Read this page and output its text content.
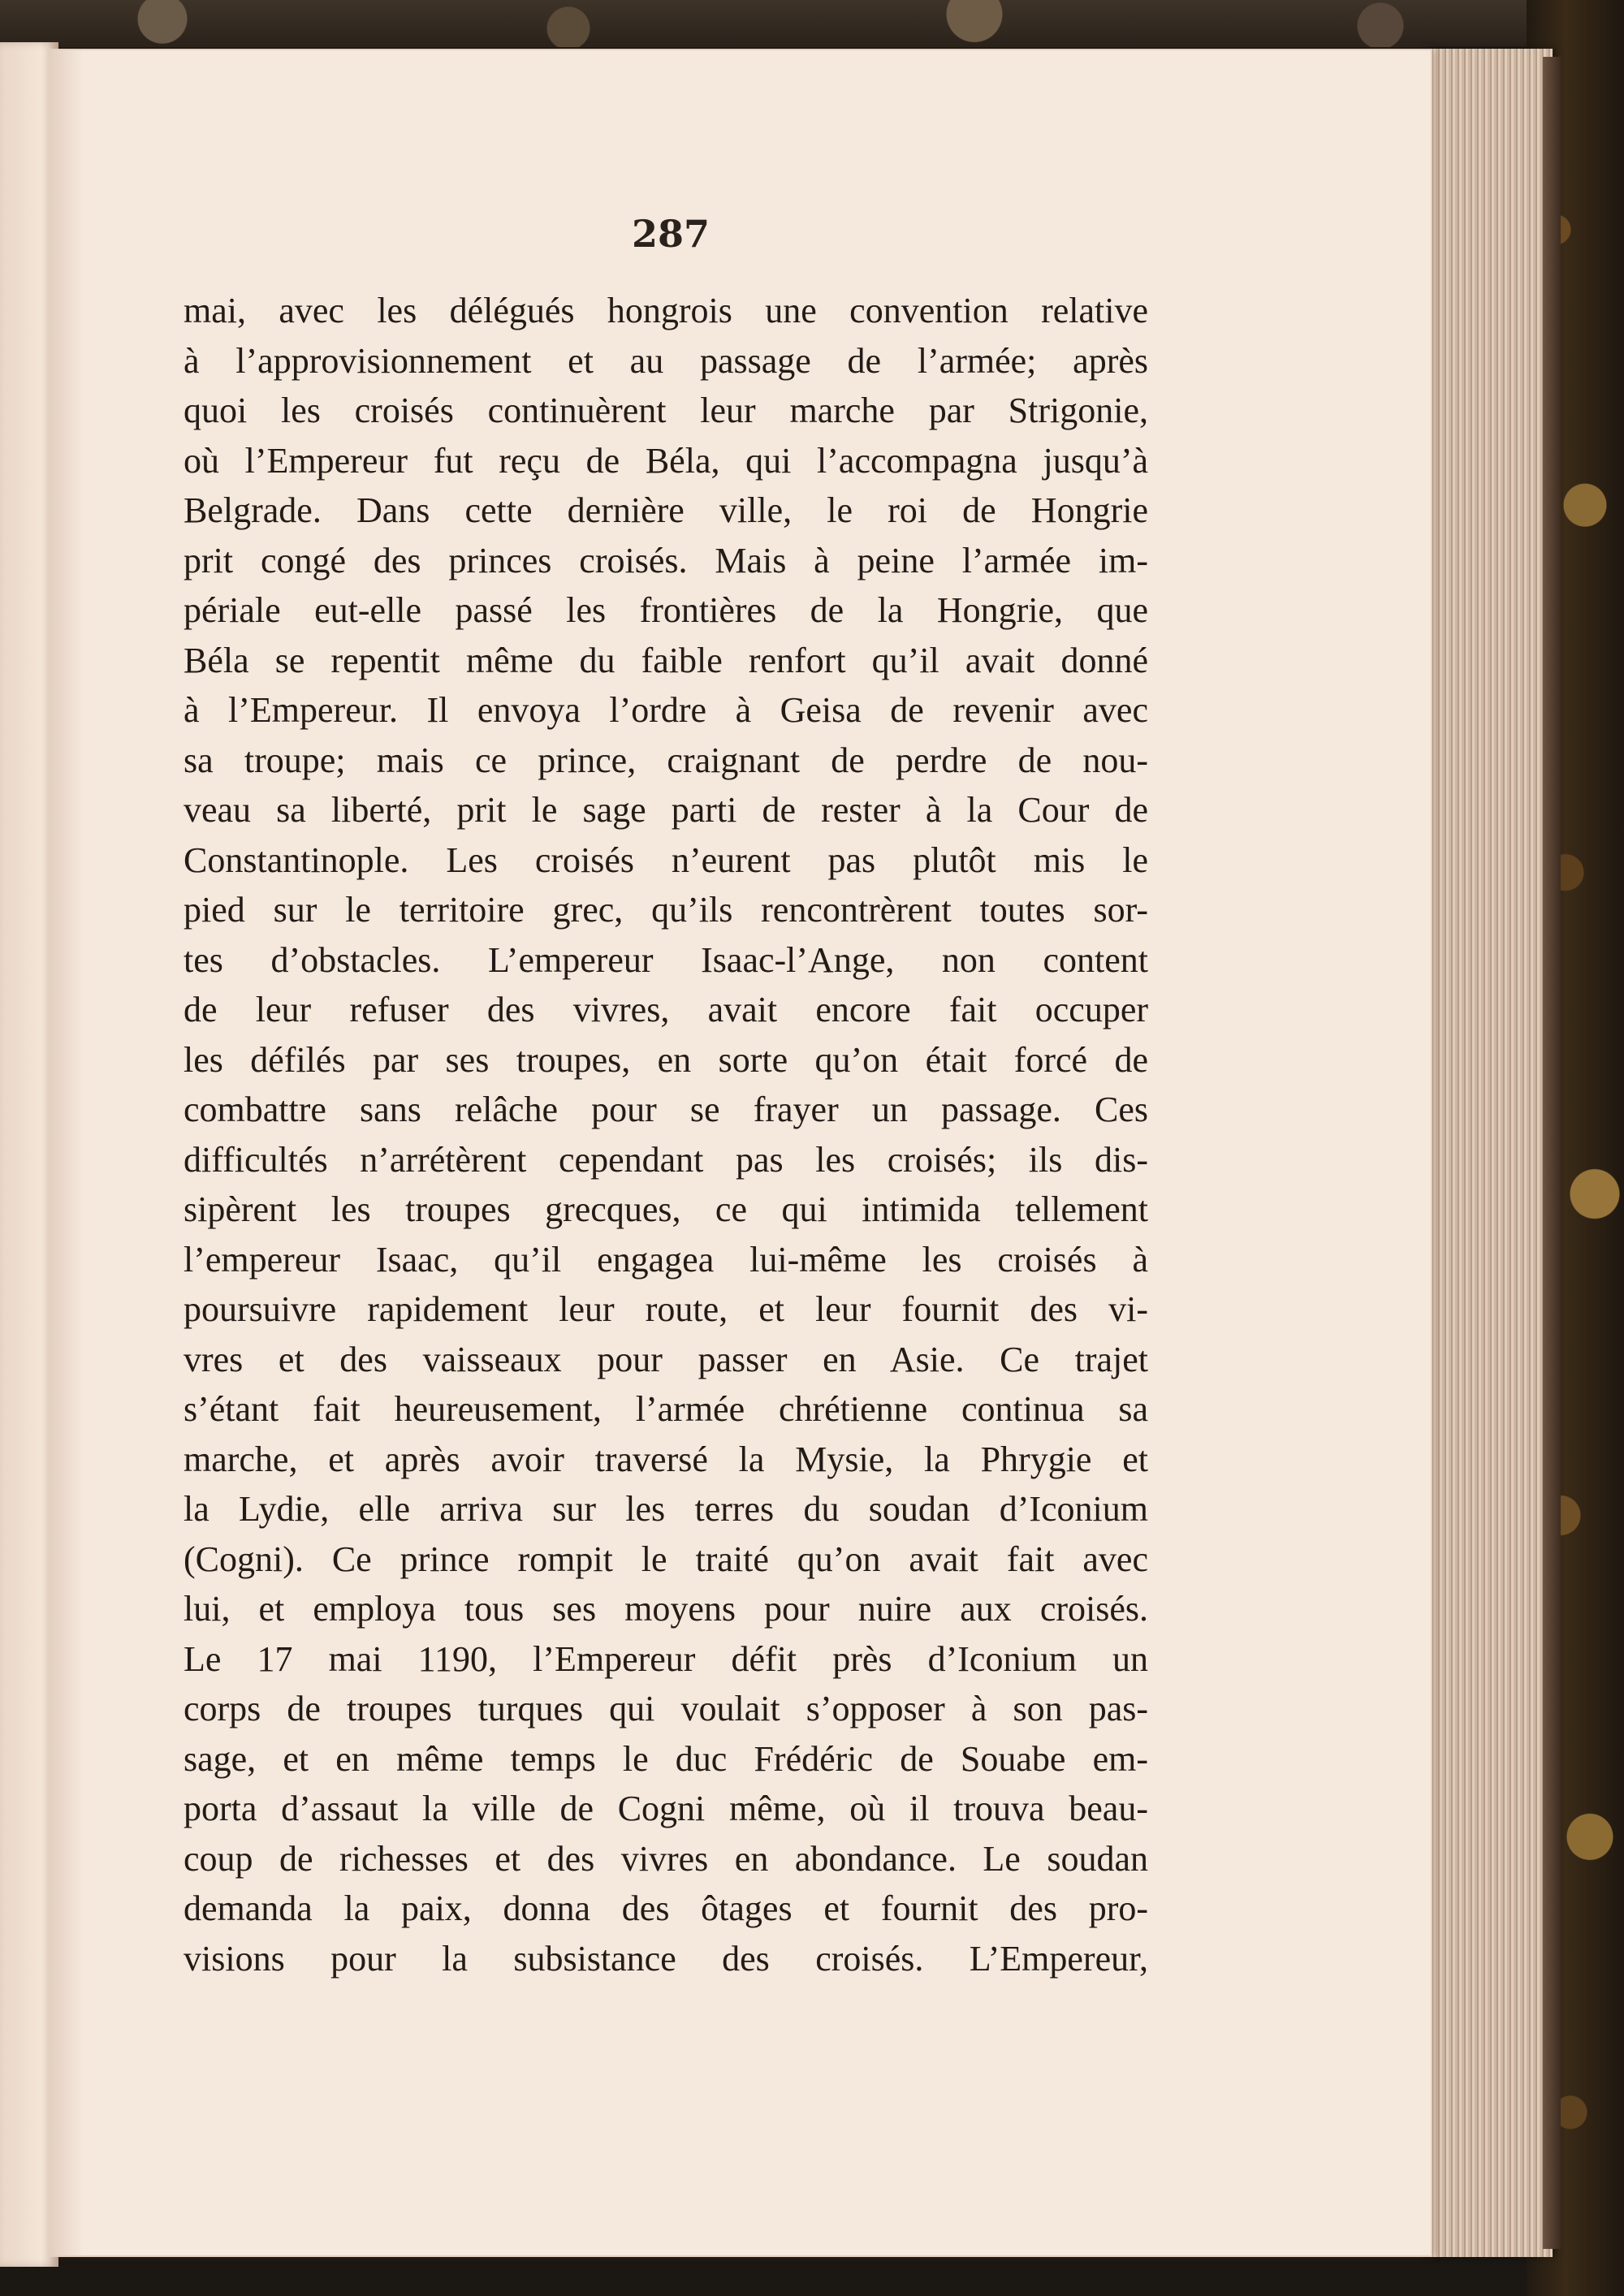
287
mai, avec les délégués hongrois une convention relative
à l’approvisionnement et au passage de l’armée; après
quoi les croisés continuèrent leur marche par Strigonie,
où l’Empereur fut reçu de Béla, qui l’accompagna jusqu’à
Belgrade. Dans cette dernière ville, le roi de Hongrie
prit congé des princes croisés. Mais à peine l’armée im-
périale eut-elle passé les frontières de la Hongrie, que
Béla se repentit même du faible renfort qu’il avait donné
à l’Empereur. Il envoya l’ordre à Geisa de revenir avec
sa troupe; mais ce prince, craignant de perdre de nou-
veau sa liberté, prit le sage parti de rester à la Cour de
Constantinople. Les croisés n’eurent pas plutôt mis le
pied sur le territoire grec, qu’ils rencontrèrent toutes sor-
tes d’obstacles. L’empereur Isaac-l’Ange, non content
de leur refuser des vivres, avait encore fait occuper
les défilés par ses troupes, en sorte qu’on était forcé de
combattre sans relâche pour se frayer un passage. Ces
difficultés n’arrétèrent cependant pas les croisés; ils dis-
sipèrent les troupes grecques, ce qui intimida tellement
l’empereur Isaac, qu’il engagea lui-même les croisés à
poursuivre rapidement leur route, et leur fournit des vi-
vres et des vaisseaux pour passer en Asie. Ce trajet
s’étant fait heureusement, l’armée chrétienne continua sa
marche, et après avoir traversé la Mysie, la Phrygie et
la Lydie, elle arriva sur les terres du soudan d’Iconium
(Cogni). Ce prince rompit le traité qu’on avait fait avec
lui, et employa tous ses moyens pour nuire aux croisés.
Le 17 mai 1190, l’Empereur défit près d’Iconium un
corps de troupes turques qui voulait s’opposer à son pas-
sage, et en même temps le duc Frédéric de Souabe em-
porta d’assaut la ville de Cogni même, où il trouva beau-
coup de richesses et des vivres en abondance. Le soudan
demanda la paix, donna des ôtages et fournit des pro-
visions pour la subsistance des croisés. L’Empereur,
